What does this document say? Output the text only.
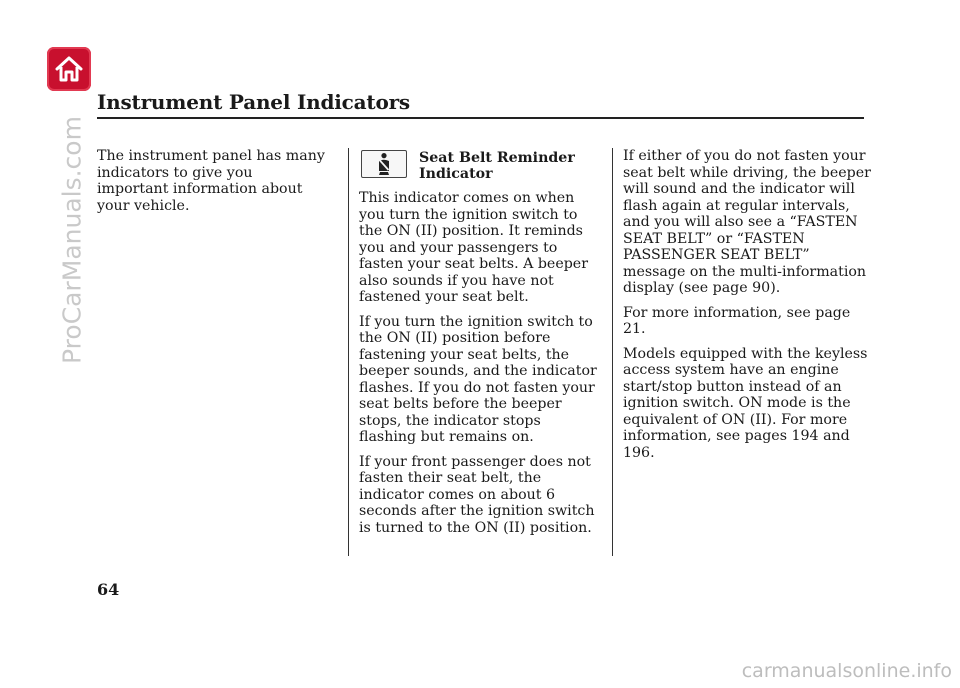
ProCarManuals.com
Instrument Panel Indicators

The instrument panel has many indicators to give you important information about your vehicle.

Seat Belt Reminder Indicator

This indicator comes on when you turn the ignition switch to the ON (II) position. It reminds you and your passengers to fasten your seat belts. A beeper also sounds if you have not fastened your seat belt.

If you turn the ignition switch to the ON (II) position before fastening your seat belts, the beeper sounds, and the indicator flashes. If you do not fasten your seat belts before the beeper stops, the indicator stops flashing but remains on.

If your front passenger does not fasten their seat belt, the indicator comes on about 6 seconds after the ignition switch is turned to the ON (II) position.

If either of you do not fasten your seat belt while driving, the beeper will sound and the indicator will flash again at regular intervals, and you will also see a “FASTEN SEAT BELT” or “FASTEN PASSENGER SEAT BELT” message on the multi-information display (see page 90).

For more information, see page 21.

Models equipped with the keyless access system have an engine start/stop button instead of an ignition switch. ON mode is the equivalent of ON (II). For more information, see pages 194 and 196.

64
carmanualsonline.info
